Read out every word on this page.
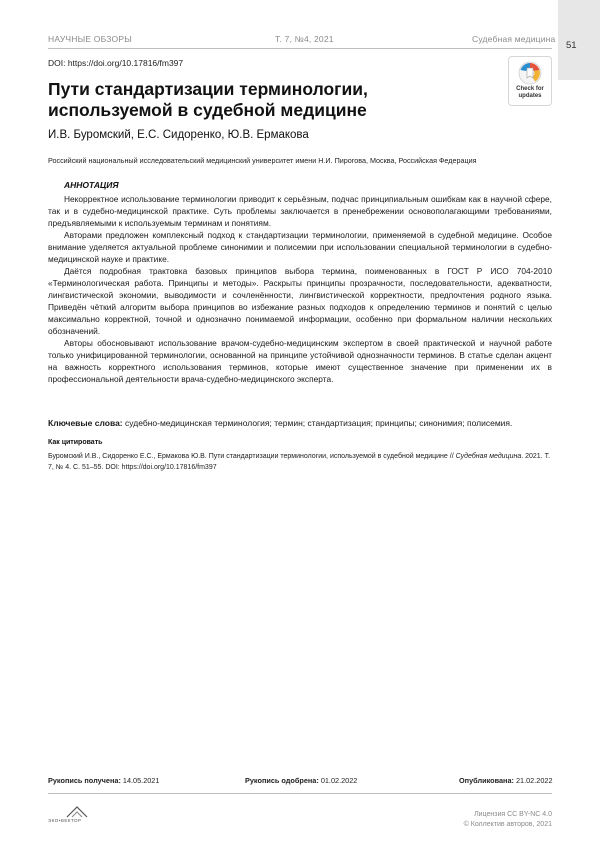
НАУЧНЫЕ ОБЗОРЫ	Т. 7, №4, 2021	Судебная медицина
51
DOI: https://doi.org/10.17816/fm397
Пути стандартизации терминологии,
используемой в судебной медицине
Check for
updates
И.В. Буромский, Е.С. Сидоренко, Ю.В. Ермакова
Российский национальный исследовательский медицинский университет имени Н.И. Пирогова, Москва, Российская Федерация
АННОТАЦИЯ

Некорректное использование терминологии приводит к серьёзным, подчас принципиальным ошибкам как в научной сфере, так и в судебно-медицинской практике. Суть проблемы заключается в пренебрежении основополагающими требованиями, предъявляемыми к используемым терминам и понятиям.

Авторами предложен комплексный подход к стандартизации терминологии, применяемой в судебной медицине. Особое внимание уделяется актуальной проблеме синонимии и полисемии при использовании специальной терминологии в судебно-медицинской науке и практике.

Даётся подробная трактовка базовых принципов выбора термина, поименованных в ГОСТ Р ИСО 704-2010 «Терминологическая работа. Принципы и методы». Раскрыты принципы прозрачности, последовательности, адекватности, лингвистической экономии, выводимости и сочленённости, лингвистической корректности, предпочтения родного языка. Приведён чёткий алгоритм выбора принципов во избежание разных подходов к определению терминов и понятий с целью максимально корректной, точной и однозначно понимаемой информации, особенно при формальном наличии нескольких обозначений.

Авторы обосновывают использование врачом-судебно-медицинским экспертом в своей практической и научной работе только унифицированной терминологии, основанной на принципе устойчивой однозначности терминов. В статье сделан акцент на важность корректного использования терминов, которые имеют существенное значение при применении их в профессиональной деятельности врача-судебно-медицинского эксперта.

Ключевые слова: судебно-медицинская терминология; термин; стандартизация; принципы; синонимия; полисемия.
Как цитировать
Буромский И.В., Сидоренко Е.С., Ермакова Ю.В. Пути стандартизации терминологии, используемой в судебной медицине // Судебная медицина. 2021. Т. 7, № 4. С. 51–55. DOI: https://doi.org/10.17816/fm397
Рукопись получена: 14.05.2021	Рукопись одобрена: 01.02.2022	Опубликована: 21.02.2022
ЭКО•ВЕКТОР
Лицензия CC BY-NC 4.0
© Коллектив авторов, 2021
